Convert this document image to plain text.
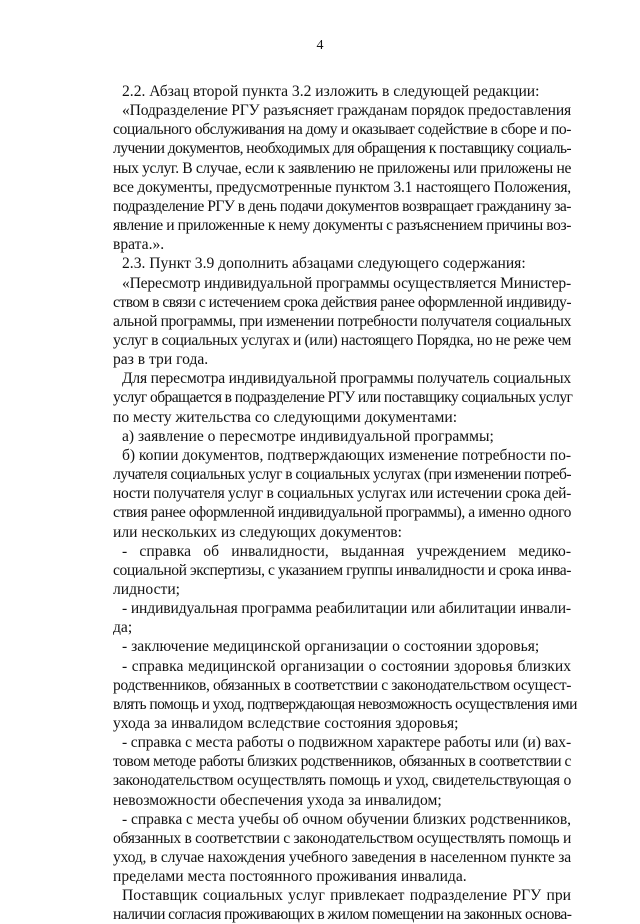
4
2.2. Абзац второй пункта 3.2 изложить в следующей редакции:
«Подразделение РГУ разъясняет гражданам порядок предоставления
социального обслуживания на дому и оказывает содействие в сборе и по-
лучении документов, необходимых для обращения к поставщику социаль-
ных услуг. В случае, если к заявлению не приложены или приложены не
все документы, предусмотренные пунктом 3.1 настоящего Положения,
подразделение РГУ в день подачи документов возвращает гражданину за-
явление и приложенные к нему документы с разъяснением причины воз-
врата.».
2.3. Пункт 3.9 дополнить абзацами следующего содержания:
«Пересмотр индивидуальной программы осуществляется Министер-
ством в связи с истечением срока действия ранее оформленной индивиду-
альной программы, при изменении потребности получателя социальных
услуг в социальных услугах и (или) настоящего Порядка, но не реже чем
раз в три года.
Для пересмотра индивидуальной программы получатель социальных
услуг обращается в подразделение РГУ или поставщику социальных услуг
по месту жительства со следующими документами:
а) заявление о пересмотре индивидуальной программы;
б) копии документов, подтверждающих изменение потребности по-
лучателя социальных услуг в социальных услугах (при изменении потреб-
ности получателя услуг в социальных услугах или истечении срока дей-
ствия ранее оформленной индивидуальной программы), а именно одного
или нескольких из следующих документов:
- справка об инвалидности, выданная учреждением медико-
социальной экспертизы, с указанием группы инвалидности и срока инва-
лидности;
- индивидуальная программа реабилитации или абилитации инвали-
да;
- заключение медицинской организации о состоянии здоровья;
- справка медицинской организации о состоянии здоровья близких
родственников, обязанных в соответствии с законодательством осущест-
влять помощь и уход, подтверждающая невозможность осуществления ими
ухода за инвалидом вследствие состояния здоровья;
- справка с места работы о подвижном характере работы или (и) вах-
товом методе работы близких родственников, обязанных в соответствии с
законодательством осуществлять помощь и уход, свидетельствующая о
невозможности обеспечения ухода за инвалидом;
- справка с места учебы об очном обучении близких родственников,
обязанных в соответствии с законодательством осуществлять помощь и
уход, в случае нахождения учебного заведения в населенном пункте за
пределами места постоянного проживания инвалида.
Поставщик социальных услуг привлекает подразделение РГУ при
наличии согласия проживающих в жилом помещении на законных основа-
